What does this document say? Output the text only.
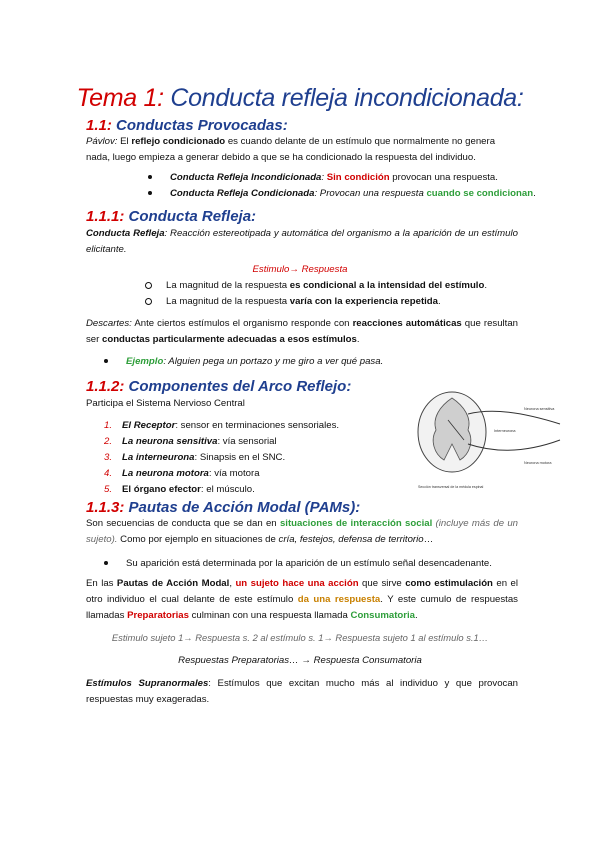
Tema 1: Conducta refleja incondicionada:
1.1: Conductas Provocadas:

Pávlov: El reflejo condicionado es cuando delante de un estímulo que normalmente no genera nada, luego empieza a generar debido a que se ha condicionado la respuesta del individuo.

Conducta Refleja Incondicionada: Sin condición provocan una respuesta.
Conducta Refleja Condicionada: Provocan una respuesta cuando se condicionan.
1.1.1: Conducta Refleja:

Conducta Refleja: Reacción estereotipada y automática del organismo a la aparición de un estímulo elicitante.

Estimulo→ Respuesta
La magnitud de la respuesta es condicional a la intensidad del estímulo.
La magnitud de la respuesta varía con la experiencia repetida.

Descartes: Ante ciertos estímulos el organismo responde con reacciones automáticas que resultan ser conductas particularmente adecuadas a esos estímulos.

Ejemplo: Alguien pega un portazo y me giro a ver qué pasa.
1.1.2: Componentes del Arco Reflejo:

Participa el Sistema Nervioso Central

1. El Receptor: sensor en terminaciones sensoriales.
2. La neurona sensitiva: vía sensorial
3. La interneurona: Sinapsis en el SNC.
4. La neurona motora: vía motora
5. El órgano efector: el músculo.
Neurona sensitiva
Interneurona
Neurona motora
Sección transversal de la médula espinal
1.1.3: Pautas de Acción Modal (PAMs):

Son secuencias de conducta que se dan en situaciones de interacción social (incluye más de un sujeto). Como por ejemplo en situaciones de cría, festejos, defensa de territorio…

Su aparición está determinada por la aparición de un estímulo señal desencadenante.

En las Pautas de Acción Modal, un sujeto hace una acción que sirve como estimulación en el otro individuo el cual delante de este estímulo da una respuesta. Y este cumulo de respuestas llamadas Preparatorias culminan con una respuesta llamada Consumatoria.

Estimulo sujeto 1→ Respuesta s. 2 al estímulo s. 1→ Respuesta sujeto 1 al estímulo s.1…
Respuestas Preparatorias… → Respuesta Consumatoria

Estímulos Supranormales: Estímulos que excitan mucho más al individuo y que provocan respuestas muy exageradas.
